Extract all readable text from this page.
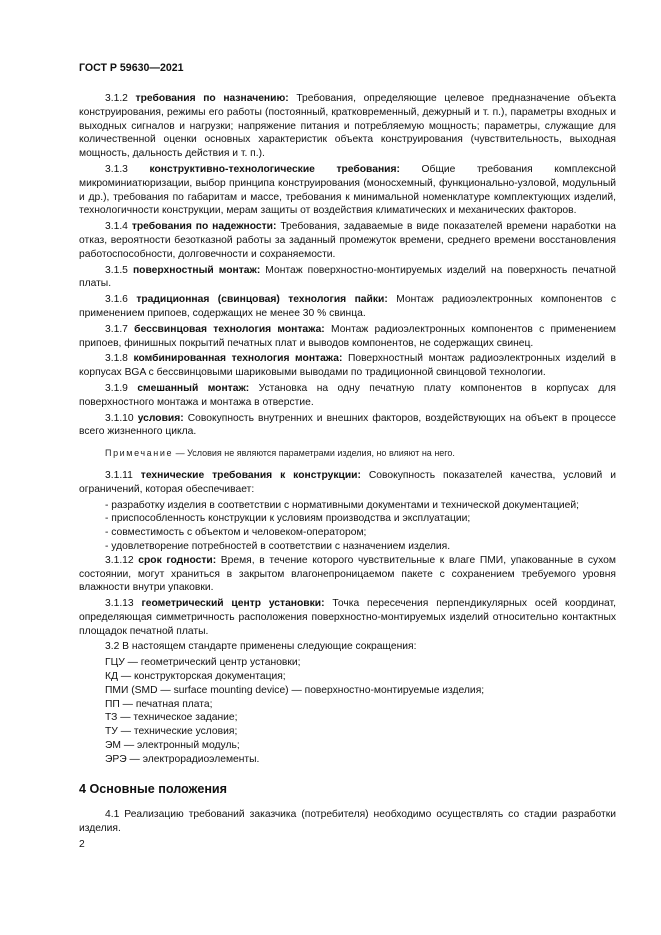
ГОСТ Р 59630—2021
3.1.2 требования по назначению: Требования, определяющие целевое предназначение объекта конструирования, режимы его работы (постоянный, кратковременный, дежурный и т. п.), параметры входных и выходных сигналов и нагрузки; напряжение питания и потребляемую мощность; параметры, служащие для количественной оценки основных характеристик объекта конструирования (чувствительность, выходная мощность, дальность действия и т. п.).
3.1.3 конструктивно-технологические требования: Общие требования комплексной микроминиатюризации, выбор принципа конструирования (моносхемный, функционально-узловой, модульный и др.), требования по габаритам и массе, требования к минимальной номенклатуре комплектующих изделий, технологичности конструкции, мерам защиты от воздействия климатических и механических факторов.
3.1.4 требования по надежности: Требования, задаваемые в виде показателей времени наработки на отказ, вероятности безотказной работы за заданный промежуток времени, среднего времени восстановления работоспособности, долговечности и сохраняемости.
3.1.5 поверхностный монтаж: Монтаж поверхностно-монтируемых изделий на поверхность печатной платы.
3.1.6 традиционная (свинцовая) технология пайки: Монтаж радиоэлектронных компонентов с применением припоев, содержащих не менее 30 % свинца.
3.1.7 бессвинцовая технология монтажа: Монтаж радиоэлектронных компонентов с применением припоев, финишных покрытий печатных плат и выводов компонентов, не содержащих свинец.
3.1.8 комбинированная технология монтажа: Поверхностный монтаж радиоэлектронных изделий в корпусах BGA с бессвинцовыми шариковыми выводами по традиционной свинцовой технологии.
3.1.9 смешанный монтаж: Установка на одну печатную плату компонентов в корпусах для поверхностного монтажа и монтажа в отверстие.
3.1.10 условия: Совокупность внутренних и внешних факторов, воздействующих на объект в процессе всего жизненного цикла.
Примечание — Условия не являются параметрами изделия, но влияют на него.
3.1.11 технические требования к конструкции: Совокупность показателей качества, условий и ограничений, которая обеспечивает:
- разработку изделия в соответствии с нормативными документами и технической документацией;
- приспособленность конструкции к условиям производства и эксплуатации;
- совместимость с объектом и человеком-оператором;
- удовлетворение потребностей в соответствии с назначением изделия.
3.1.12 срок годности: Время, в течение которого чувствительные к влаге ПМИ, упакованные в сухом состоянии, могут храниться в закрытом влагонепроницаемом пакете с сохранением требуемого уровня влажности внутри упаковки.
3.1.13 геометрический центр установки: Точка пересечения перпендикулярных осей координат, определяющая симметричность расположения поверхностно-монтируемых изделий относительно контактных площадок печатной платы.
3.2 В настоящем стандарте применены следующие сокращения:
ГЦУ — геометрический центр установки;
КД — конструкторская документация;
ПМИ (SMD — surface mounting device) — поверхностно-монтируемые изделия;
ПП — печатная плата;
ТЗ — техническое задание;
ТУ — технические условия;
ЭМ — электронный модуль;
ЭРЭ — электрорадиоэлементы.
4 Основные положения
4.1 Реализацию требований заказчика (потребителя) необходимо осуществлять со стадии разработки изделия.
2
